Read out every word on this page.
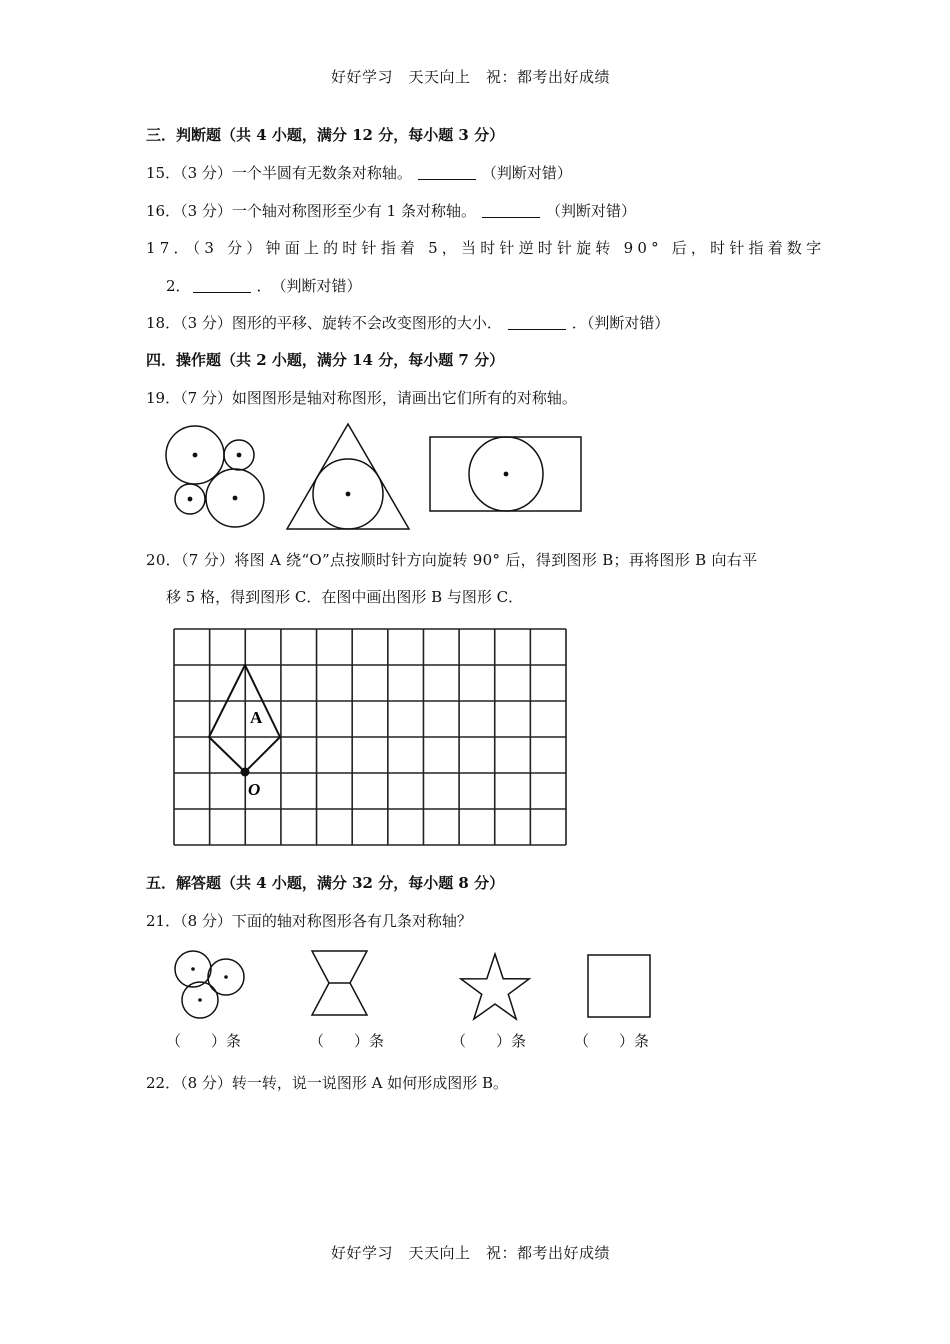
好好学习　天天向上　祝：都考出好成绩
三．判断题（共 4 小题，满分 12 分，每小题 3 分）
15．（3 分）一个半圆有无数条对称轴。	（判断对错）
16．（3 分）一个轴对称图形至少有 1 条对称轴。	（判断对错）
17．（3 分）钟面上的时针指着 5，当时针逆时针旋转 90° 后，时针指着数字
2．	．　（判断对错）
18．（3 分）图形的平移、旋转不会改变图形的大小．	．（判断对错）
四．操作题（共 2 小题，满分 14 分，每小题 7 分）
19．（7 分）如图图形是轴对称图形，请画出它们所有的对称轴。
20．（7 分）将图 A 绕“O”点按顺时针方向旋转 90° 后，得到图形 B；再将图形 B 向右平
移 5 格，得到图形 C．在图中画出图形 B 与图形 C．
A
O
五．解答题（共 4 小题，满分 32 分，每小题 8 分）
21．（8 分）下面的轴对称图形各有几条对称轴？
（　　）条	（　　）条	（　　）条	（　　）条
22．（8 分）转一转，说一说图形 A 如何形成图形 B。
好好学习　天天向上　祝：都考出好成绩
